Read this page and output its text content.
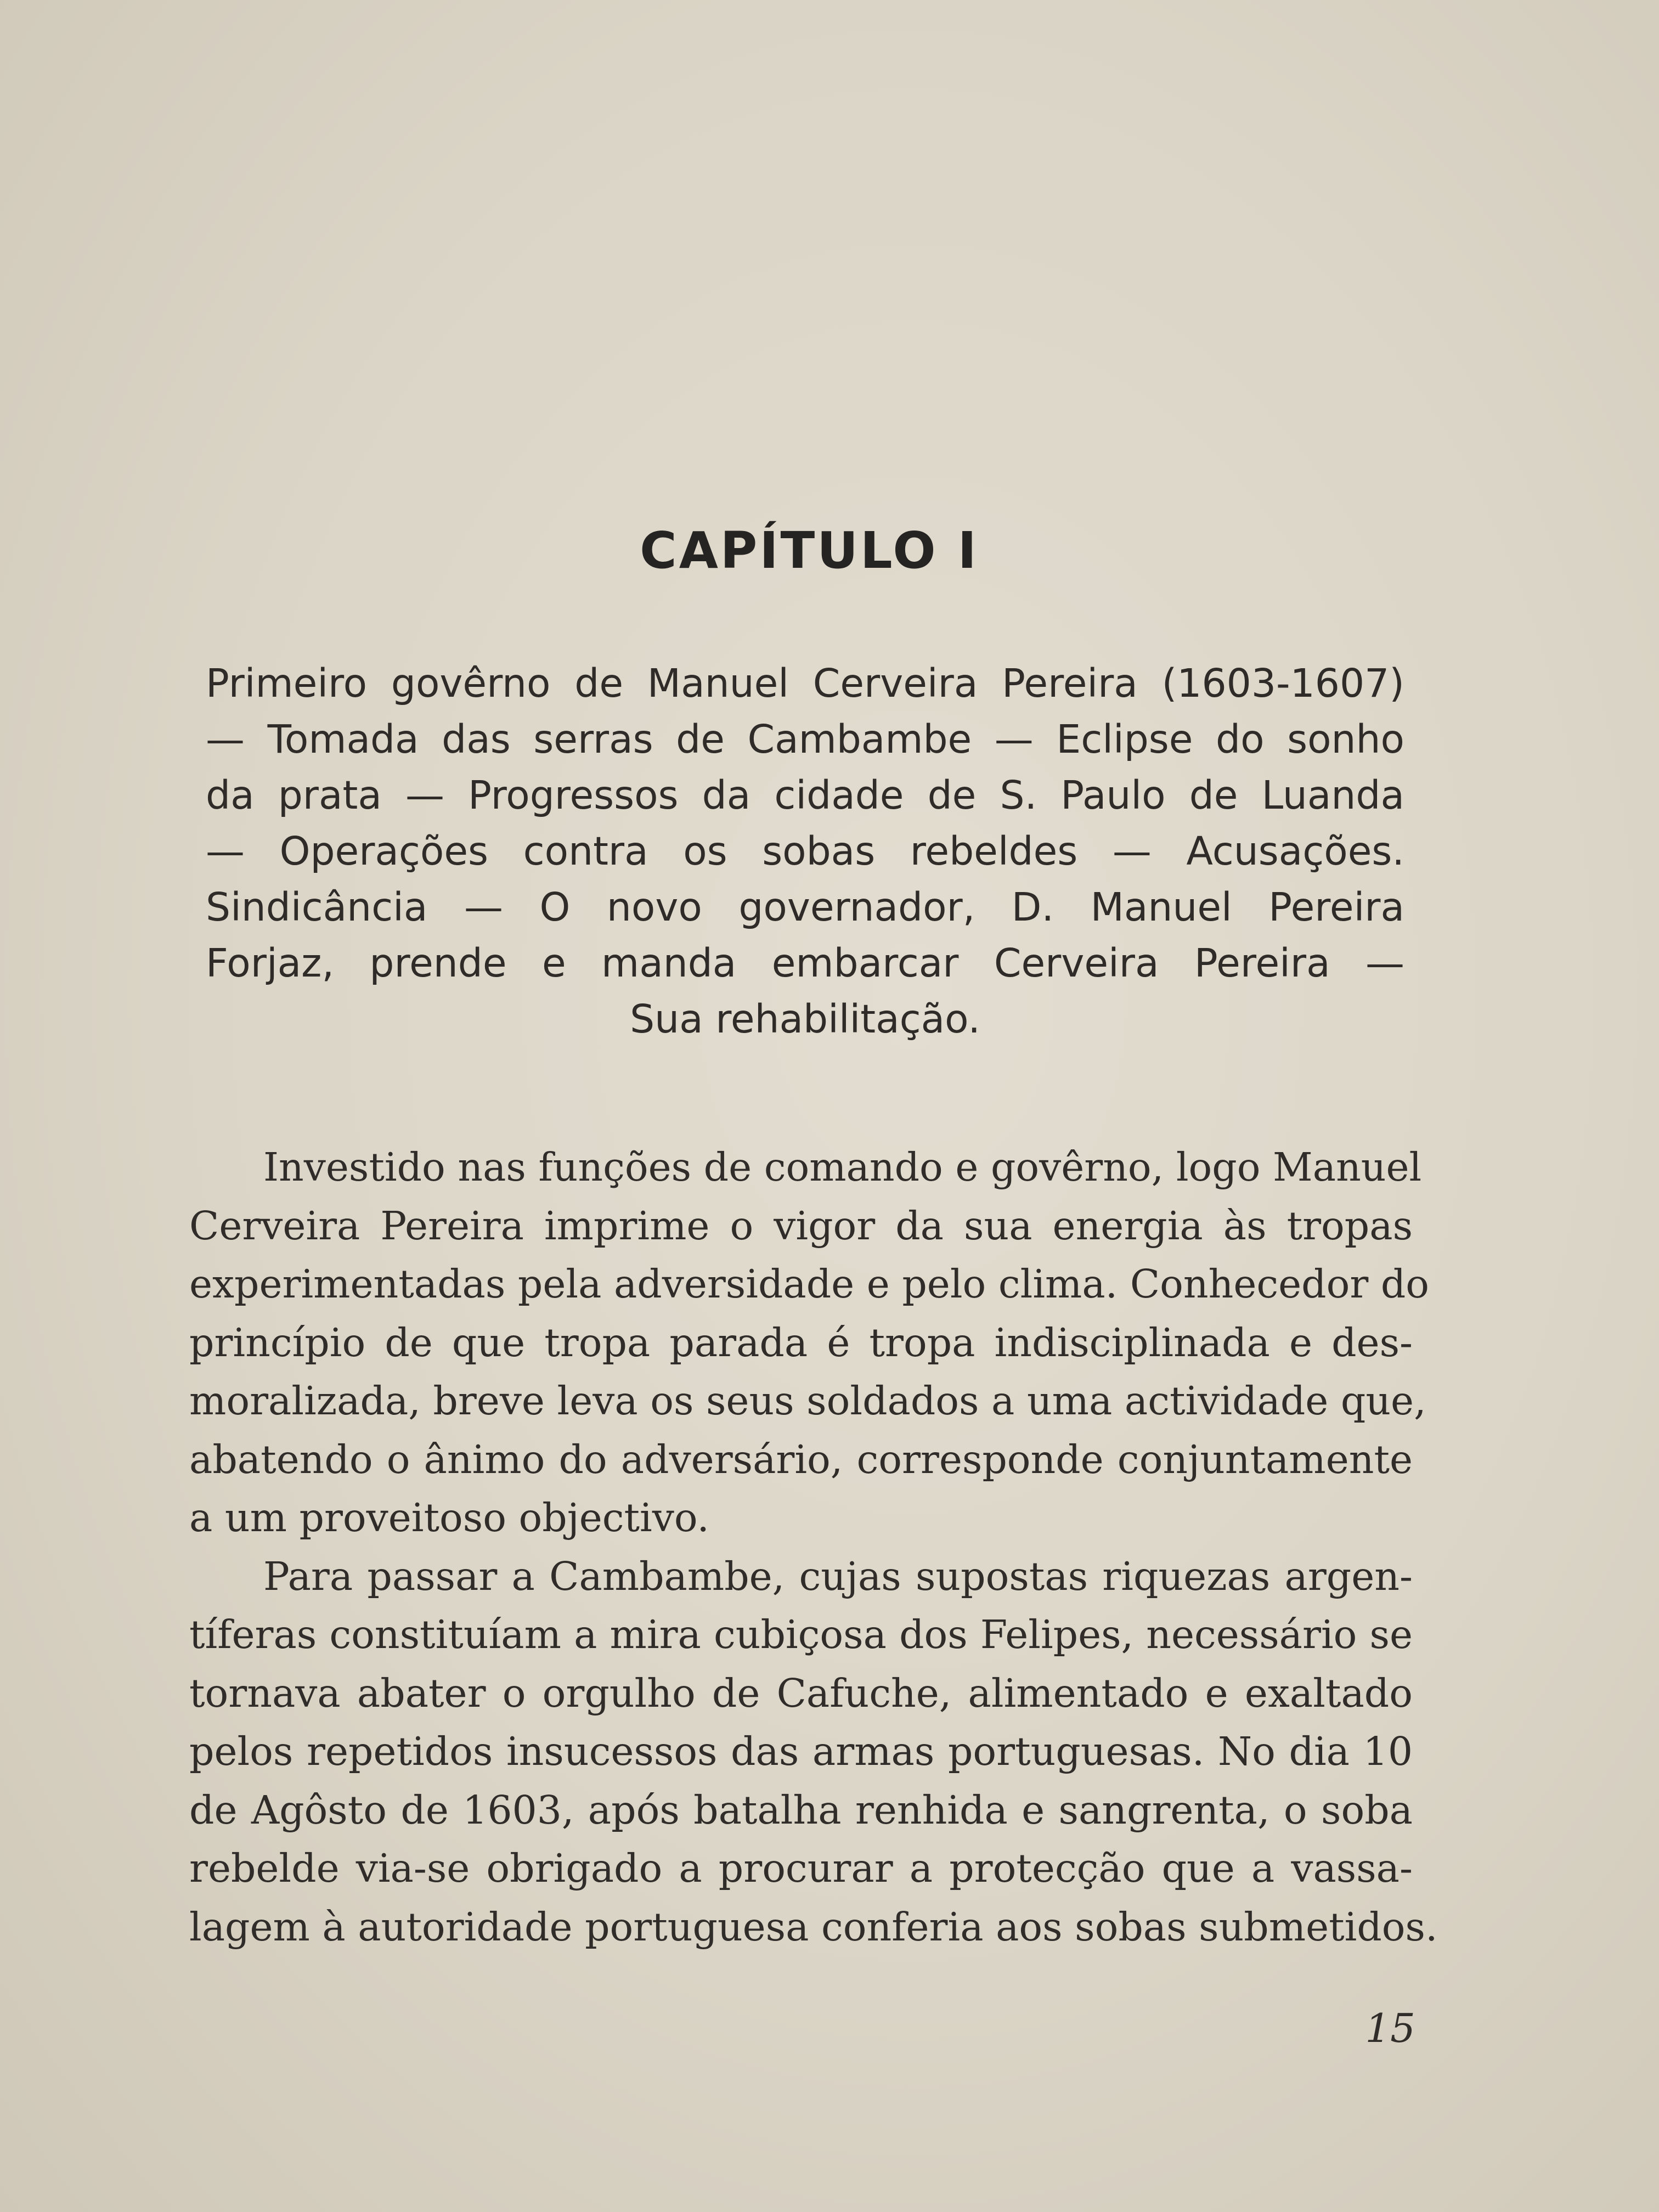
CAPÍTULO I
Primeiro govêrno de Manuel Cerveira Pereira (1603-1607)
— Tomada das serras de Cambambe — Eclipse do sonho
da prata — Progressos da cidade de S. Paulo de Luanda
— Operações contra os sobas rebeldes — Acusações.
Sindicância — O novo governador, D. Manuel Pereira
Forjaz, prende e manda embarcar Cerveira Pereira —
Sua rehabilitação.
Investido nas funções de comando e govêrno, logo Manuel
Cerveira Pereira imprime o vigor da sua energia às tropas
experimentadas pela adversidade e pelo clima. Conhecedor do
princípio de que tropa parada é tropa indisciplinada e des-
moralizada, breve leva os seus soldados a uma actividade que,
abatendo o ânimo do adversário, corresponde conjuntamente
a um proveitoso objectivo.
Para passar a Cambambe, cujas supostas riquezas argen-
tíferas constituíam a mira cubiçosa dos Felipes, necessário se
tornava abater o orgulho de Cafuche, alimentado e exaltado
pelos repetidos insucessos das armas portuguesas. No dia 10
de Agôsto de 1603, após batalha renhida e sangrenta, o soba
rebelde via-se obrigado a procurar a protecção que a vassa-
lagem à autoridade portuguesa conferia aos sobas submetidos.
15
